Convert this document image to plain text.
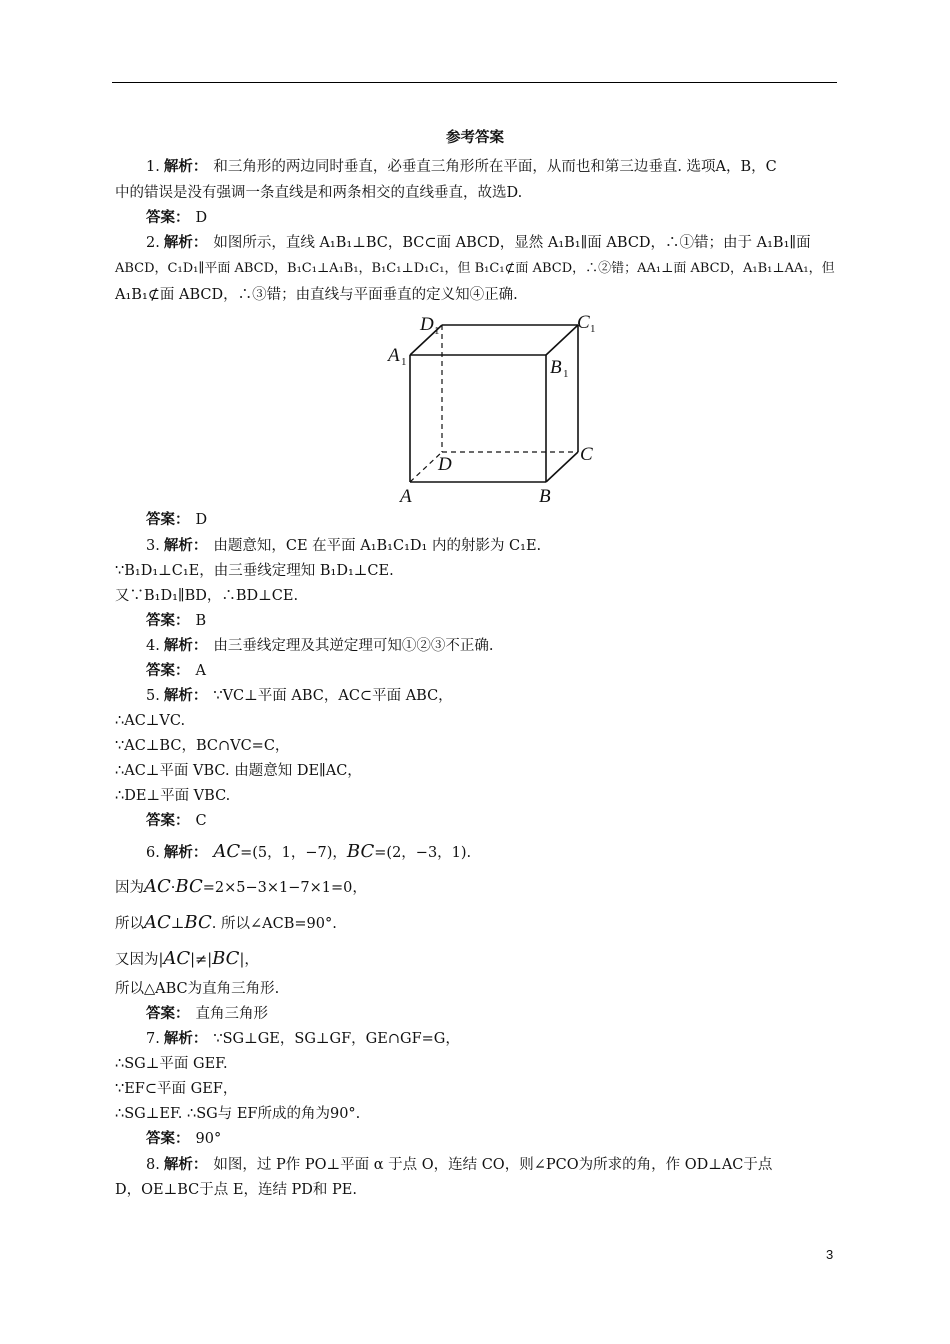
参考答案
1. 解析： 和三角形的两边同时垂直，必垂直三角形所在平面，从而也和第三边垂直. 选项A，B，C
中的错误是没有强调一条直线是和两条相交的直线垂直，故选D.
答案： D
2. 解析： 如图所示，直线 A₁B₁⊥BC，BC⊂面 ABCD，显然 A₁B₁∥面 ABCD，∴①错；由于 A₁B₁∥面
ABCD，C₁D₁∥平面 ABCD，B₁C₁⊥A₁B₁，B₁C₁⊥D₁C₁，但 B₁C₁⊄面 ABCD，∴②错；AA₁⊥面 ABCD，A₁B₁⊥AA₁，但
A₁B₁⊄面 ABCD，∴③错；由直线与平面垂直的定义知④正确.
D 1	C 1
A 1	B 1
D	C
A	B
答案： D
3. 解析： 由题意知，CE 在平面 A₁B₁C₁D₁ 内的射影为 C₁E.
∵B₁D₁⊥C₁E，由三垂线定理知 B₁D₁⊥CE.
又∵B₁D₁∥BD，∴BD⊥CE.
答案： B
4. 解析： 由三垂线定理及其逆定理可知①②③不正确.
答案： A
5. 解析： ∵VC⊥平面 ABC，AC⊂平面 ABC，
∴AC⊥VC.
∵AC⊥BC，BC∩VC=C，
∴AC⊥平面 VBC. 由题意知 DE∥AC，
∴DE⊥平面 VBC.
答案： C
6. 解析： AC=(5，1，−7)，BC=(2，−3，1).
因为AC·BC=2×5−3×1−7×1=0，
所以AC⊥BC. 所以∠ACB=90°.
又因为|AC|≠|BC|，
所以△ABC为直角三角形.
答案： 直角三角形
7. 解析： ∵SG⊥GE，SG⊥GF，GE∩GF=G，
∴SG⊥平面 GEF.
∵EF⊂平面 GEF，
∴SG⊥EF. ∴SG与 EF所成的角为90°.
答案： 90°
8. 解析： 如图，过 P作 PO⊥平面 α 于点 O，连结 CO，则∠PCO为所求的角，作 OD⊥AC于点
D，OE⊥BC于点 E，连结 PD和 PE.
3
